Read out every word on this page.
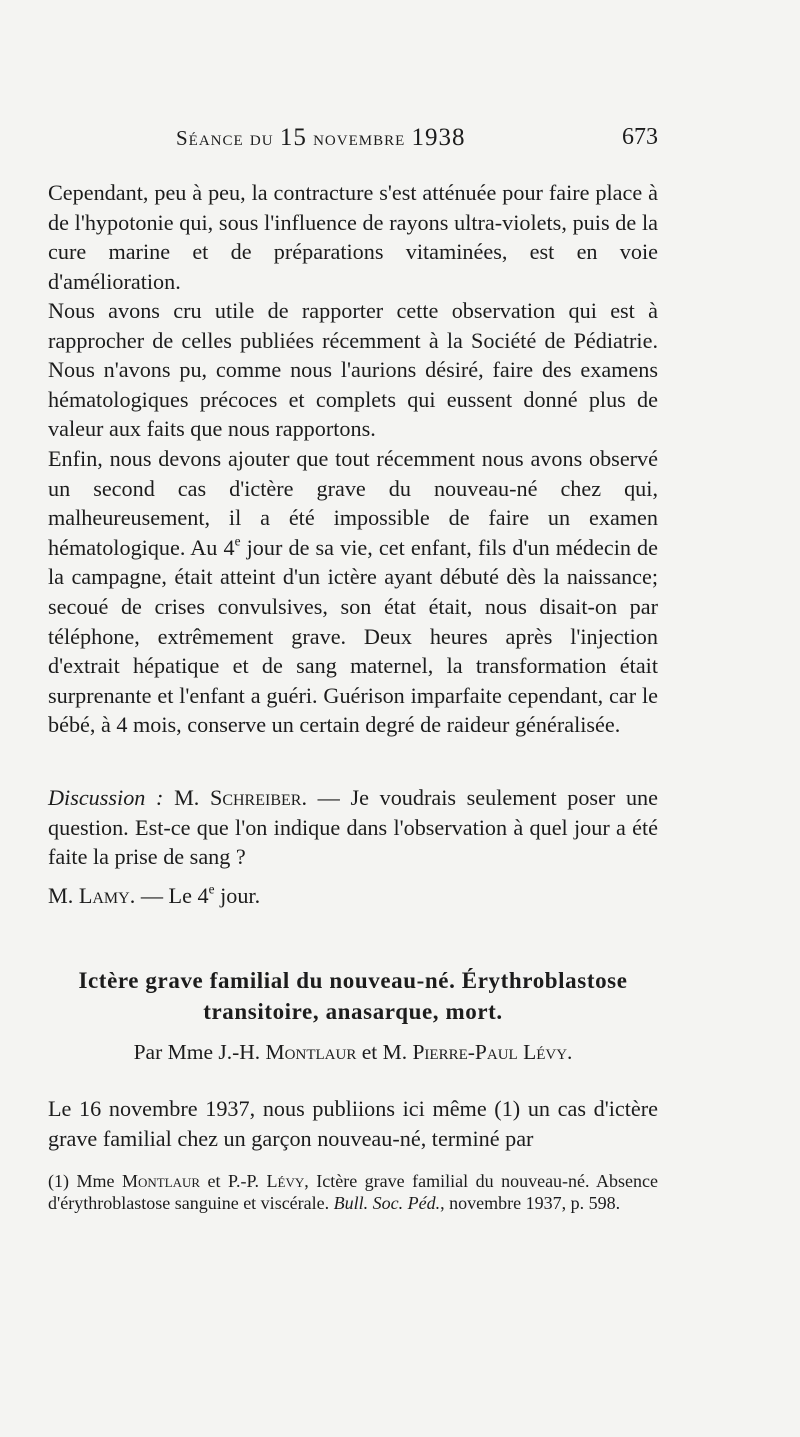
Séance du 15 novembre 1938	673

Cependant, peu à peu, la contracture s'est atténuée pour faire place à de l'hypotonie qui, sous l'influence de rayons ultra-violets, puis de la cure marine et de préparations vitaminées, est en voie d'amélioration.

Nous avons cru utile de rapporter cette observation qui est à rapprocher de celles publiées récemment à la Société de Pédiatrie. Nous n'avons pu, comme nous l'aurions désiré, faire des examens hématologiques précoces et complets qui eussent donné plus de valeur aux faits que nous rapportons.

Enfin, nous devons ajouter que tout récemment nous avons observé un second cas d'ictère grave du nouveau-né chez qui, malheureusement, il a été impossible de faire un examen hématologique. Au 4e jour de sa vie, cet enfant, fils d'un médecin de la campagne, était atteint d'un ictère ayant débuté dès la naissance; secoué de crises convulsives, son état était, nous disait-on par téléphone, extrêmement grave. Deux heures après l'injection d'extrait hépatique et de sang maternel, la transformation était surprenante et l'enfant a guéri. Guérison imparfaite cependant, car le bébé, à 4 mois, conserve un certain degré de raideur généralisée.

Discussion : M. Schreiber. — Je voudrais seulement poser une question. Est-ce que l'on indique dans l'observation à quel jour a été faite la prise de sang ?

M. Lamy. — Le 4e jour.

Ictère grave familial du nouveau-né. Érythroblastose
transitoire, anasarque, mort.
Par Mme J.-H. Montlaur et M. Pierre-Paul Lévy.

Le 16 novembre 1937, nous publiions ici même (1) un cas d'ictère grave familial chez un garçon nouveau-né, terminé par

(1) Mme Montlaur et P.-P. Lévy, Ictère grave familial du nouveau-né. Absence d'érythroblastose sanguine et viscérale. Bull. Soc. Péd., novembre 1937, p. 598.
